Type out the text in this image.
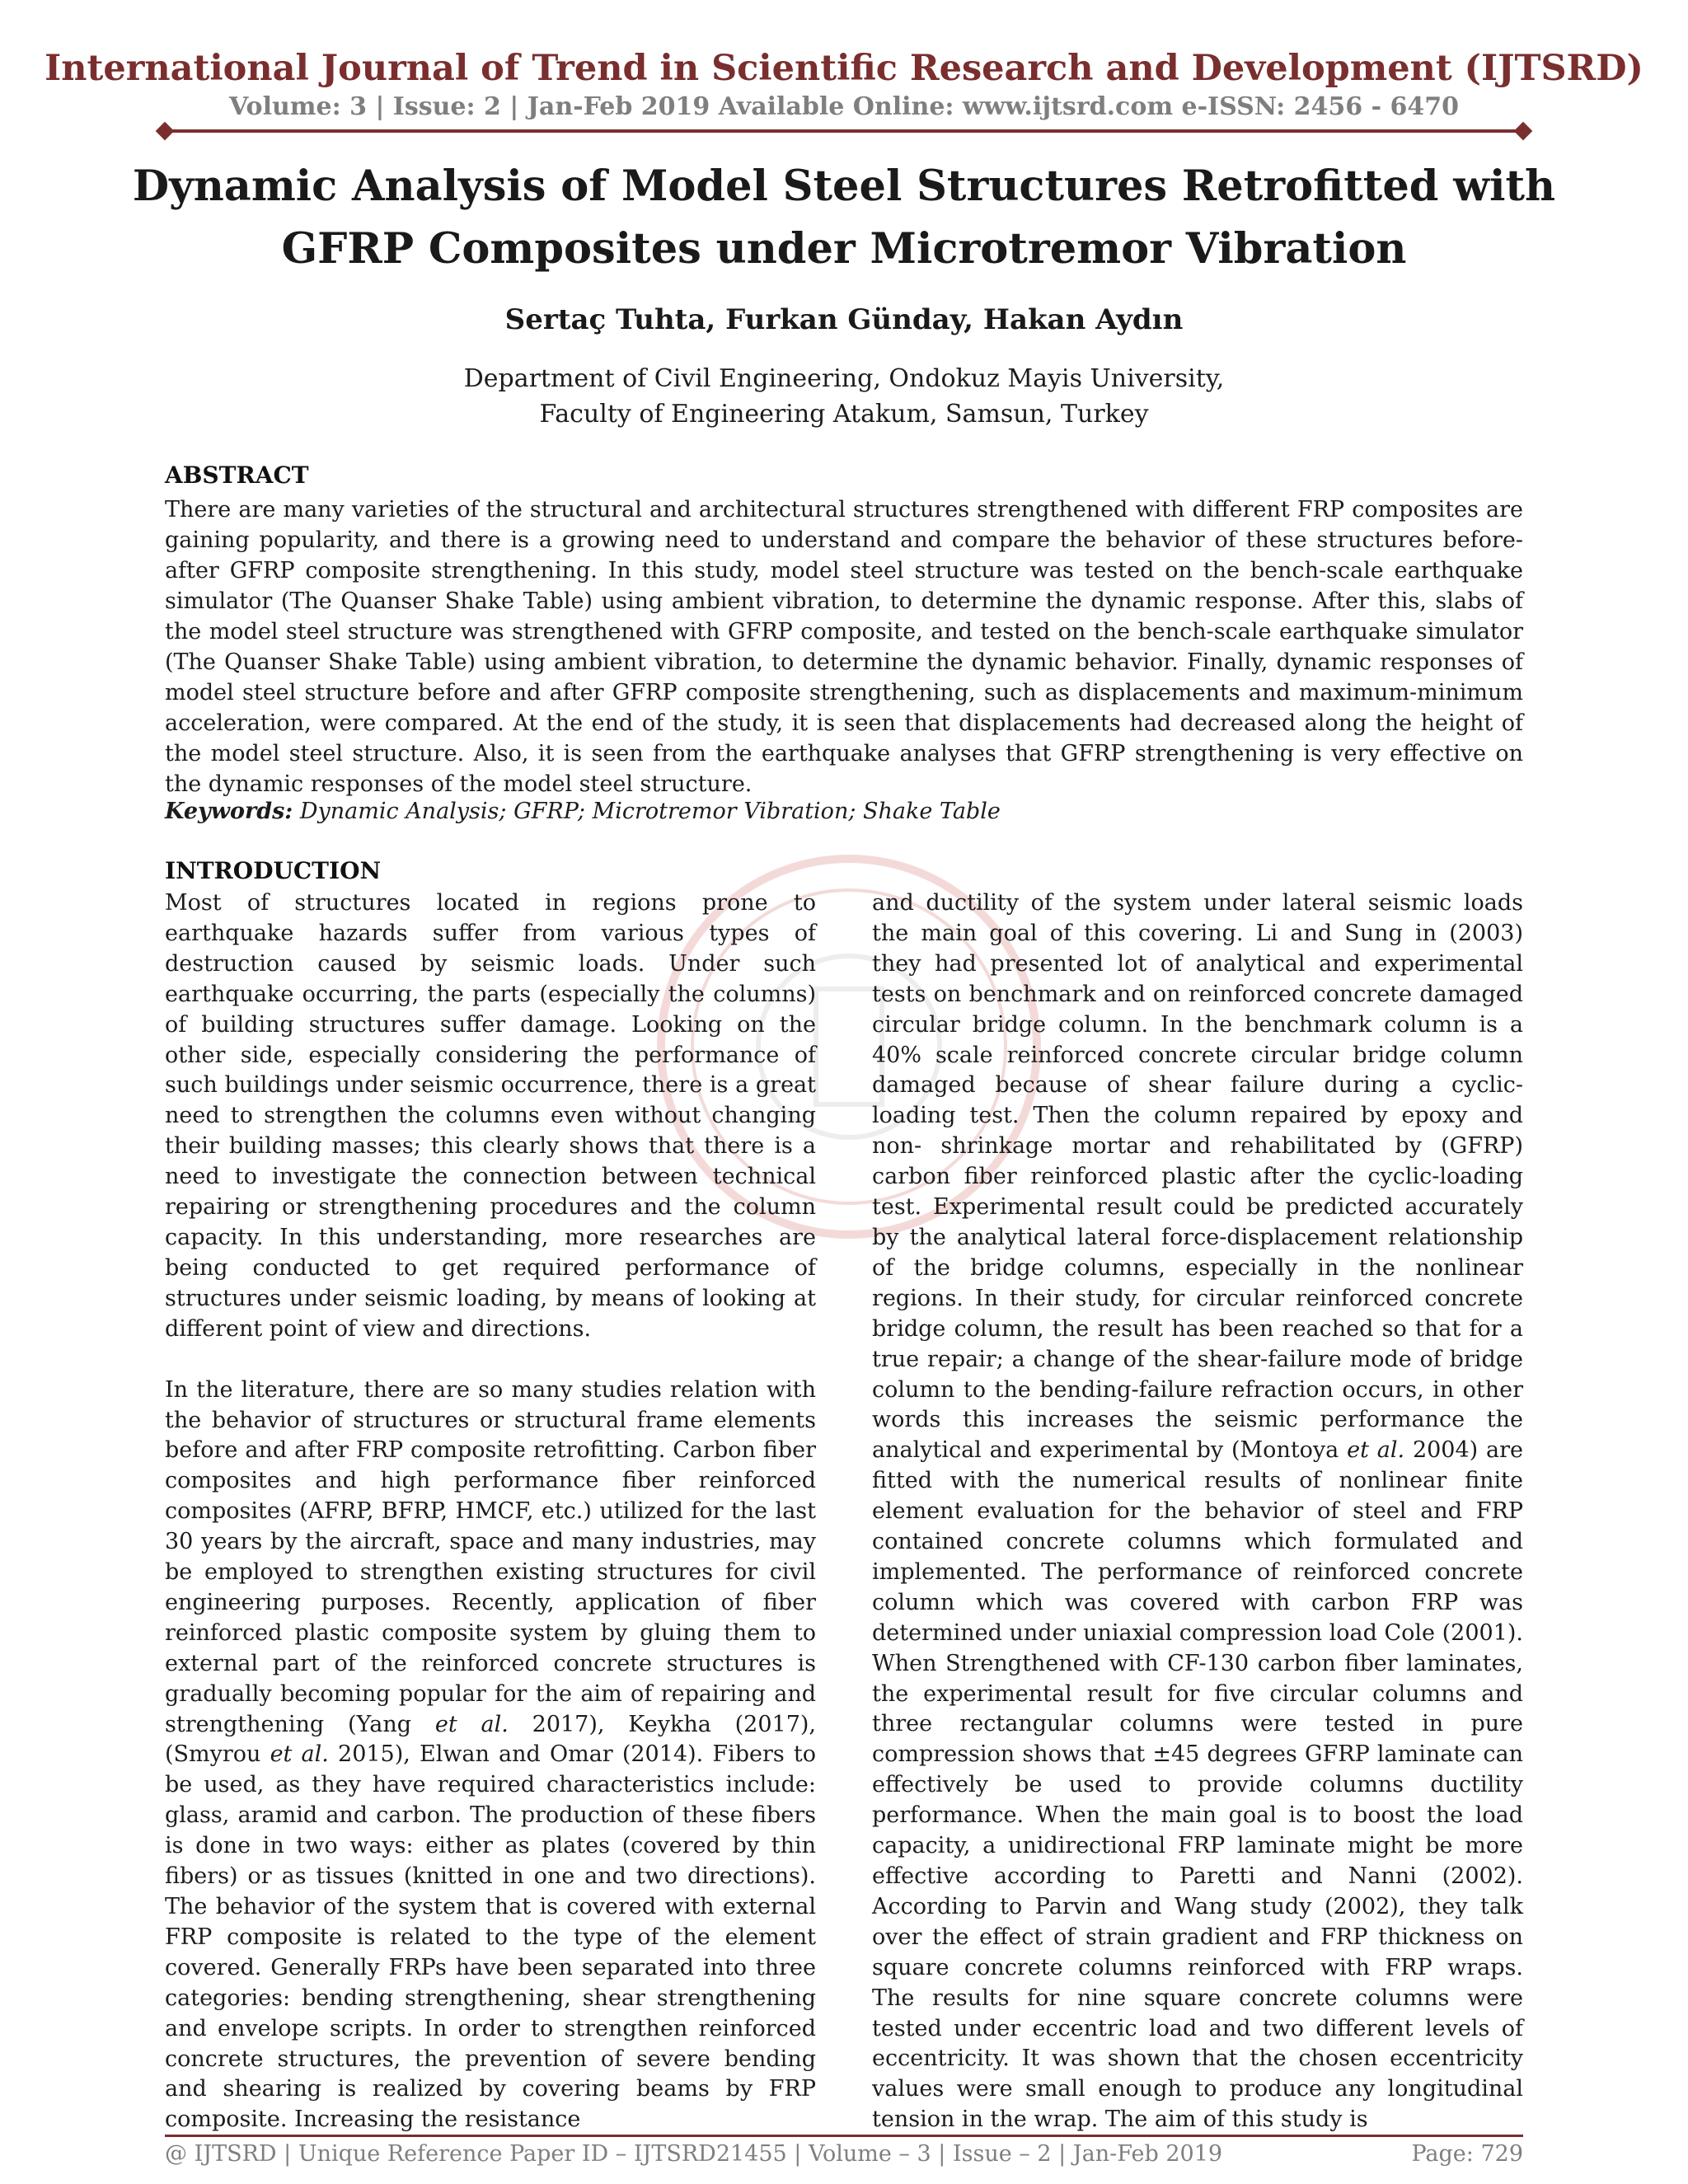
International Journal of Trend in Scientific Research and Development (IJTSRD)
Volume: 3 | Issue: 2 | Jan-Feb 2019 Available Online: www.ijtsrd.com e-ISSN: 2456 - 6470
Dynamic Analysis of Model Steel Structures Retrofitted with GFRP Composites under Microtremor Vibration
Sertaç Tuhta, Furkan Günday, Hakan Aydın
Department of Civil Engineering, Ondokuz Mayis University,
Faculty of Engineering Atakum, Samsun, Turkey
ABSTRACT

There are many varieties of the structural and architectural structures strengthened with different FRP composites are gaining popularity, and there is a growing need to understand and compare the behavior of these structures before-after GFRP composite strengthening. In this study, model steel structure was tested on the bench-scale earthquake simulator (The Quanser Shake Table) using ambient vibration, to determine the dynamic response. After this, slabs of the model steel structure was strengthened with GFRP composite, and tested on the bench-scale earthquake simulator (The Quanser Shake Table) using ambient vibration, to determine the dynamic behavior. Finally, dynamic responses of model steel structure before and after GFRP composite strengthening, such as displacements and maximum-minimum acceleration, were compared. At the end of the study, it is seen that displacements had decreased along the height of the model steel structure. Also, it is seen from the earthquake analyses that GFRP strengthening is very effective on the dynamic responses of the model steel structure.

Keywords: Dynamic Analysis; GFRP; Microtremor Vibration; Shake Table
INTRODUCTION

Most of structures located in regions prone to earthquake hazards suffer from various types of destruction caused by seismic loads. Under such earthquake occurring, the parts (especially the columns) of building structures suffer damage. Looking on the other side, especially considering the performance of such buildings under seismic occurrence, there is a great need to strengthen the columns even without changing their building masses; this clearly shows that there is a need to investigate the connection between technical repairing or strengthening procedures and the column capacity. In this understanding, more researches are being conducted to get required performance of structures under seismic loading, by means of looking at different point of view and directions.

In the literature, there are so many studies relation with the behavior of structures or structural frame elements before and after FRP composite retrofitting. Carbon fiber composites and high performance fiber reinforced composites (AFRP, BFRP, HMCF, etc.) utilized for the last 30 years by the aircraft, space and many industries, may be employed to strengthen existing structures for civil engineering purposes. Recently, application of fiber reinforced plastic composite system by gluing them to external part of the reinforced concrete structures is gradually becoming popular for the aim of repairing and strengthening (Yang et al. 2017), Keykha (2017), (Smyrou et al. 2015), Elwan and Omar (2014). Fibers to be used, as they have required characteristics include: glass, aramid and carbon. The production of these fibers is done in two ways: either as plates (covered by thin fibers) or as tissues (knitted in one and two directions). The behavior of the system that is covered with external FRP composite is related to the type of the element covered. Generally FRPs have been separated into three categories: bending strengthening, shear strengthening and envelope scripts. In order to strengthen reinforced concrete structures, the prevention of severe bending and shearing is realized by covering beams by FRP composite. Increasing the resistance

and ductility of the system under lateral seismic loads the main goal of this covering. Li and Sung in (2003) they had presented lot of analytical and experimental tests on benchmark and on reinforced concrete damaged circular bridge column. In the benchmark column is a 40% scale reinforced concrete circular bridge column damaged because of shear failure during a cyclic- loading test. Then the column repaired by epoxy and non- shrinkage mortar and rehabilitated by (GFRP) carbon fiber reinforced plastic after the cyclic-loading test. Experimental result could be predicted accurately by the analytical lateral force-displacement relationship of the bridge columns, especially in the nonlinear regions. In their study, for circular reinforced concrete bridge column, the result has been reached so that for a true repair; a change of the shear-failure mode of bridge column to the bending-failure refraction occurs, in other words this increases the seismic performance the analytical and experimental by (Montoya et al. 2004) are fitted with the numerical results of nonlinear finite element evaluation for the behavior of steel and FRP contained concrete columns which formulated and implemented. The performance of reinforced concrete column which was covered with carbon FRP was determined under uniaxial compression load Cole (2001). When Strengthened with CF-130 carbon fiber laminates, the experimental result for five circular columns and three rectangular columns were tested in pure compression shows that ±45 degrees GFRP laminate can effectively be used to provide columns ductility performance. When the main goal is to boost the load capacity, a unidirectional FRP laminate might be more effective according to Paretti and Nanni (2002). According to Parvin and Wang study (2002), they talk over the effect of strain gradient and FRP thickness on square concrete columns reinforced with FRP wraps. The results for nine square concrete columns were tested under eccentric load and two different levels of eccentricity. It was shown that the chosen eccentricity values were small enough to produce any longitudinal tension in the wrap. The aim of this study is

@ IJTSRD | Unique Reference Paper ID – IJTSRD21455 | Volume – 3 | Issue – 2 | Jan-Feb 2019	Page: 729
